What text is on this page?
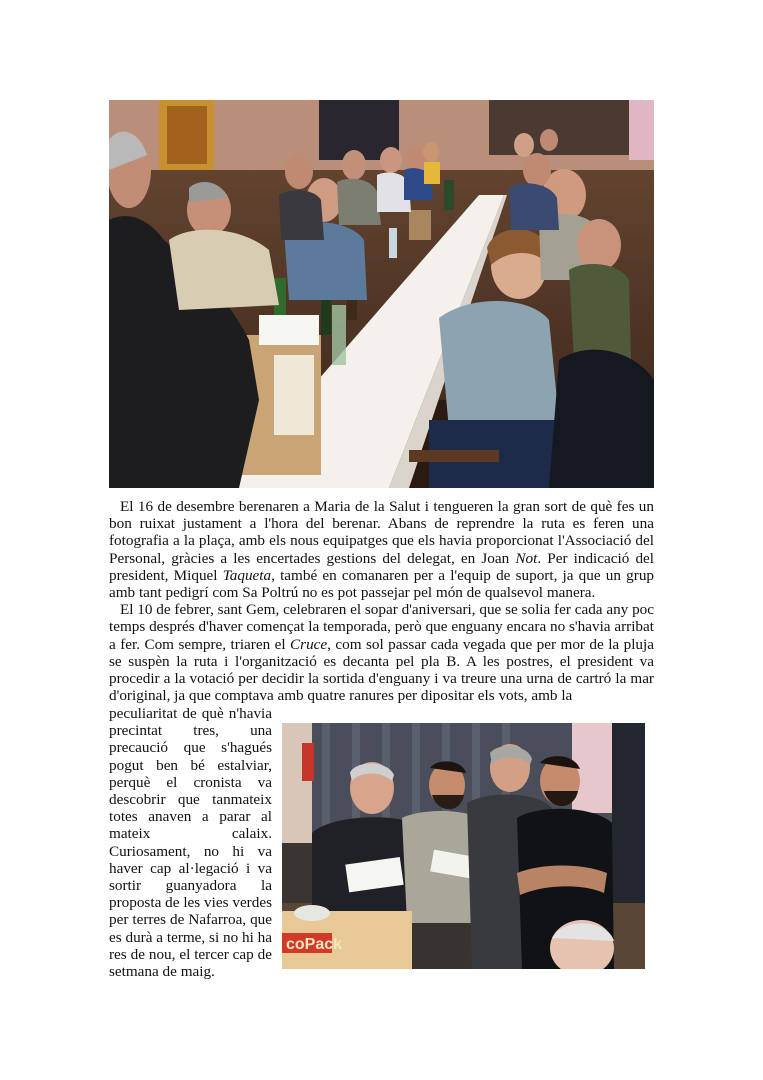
El 16 de desembre berenaren a Maria de la Salut i tengueren la gran sort de què fes un bon ruixat justament a l'hora del berenar. Abans de reprendre la ruta es feren una fotografia a la plaça, amb els nous equipatges que els havia proporcionat l'Associació del Personal, gràcies a les encertades gestions del delegat, en Joan Not. Per indicació del president, Miquel Taqueta, també en comanaren per a l'equip de suport, ja que un grup amb tant pedigrí com Sa Poltrú no es pot passejar pel món de qualsevol manera.

El 10 de febrer, sant Gem, celebraren el sopar d'aniversari, que se solia fer cada any poc temps després d'haver començat la temporada, però que enguany encara no s'havia arribat a fer. Com sempre, triaren el Cruce, com sol passar cada vegada que per mor de la pluja se suspèn la ruta i l'organització es decanta pel pla B. A les postres, el president va procedir a la votació per decidir la sortida d'enguany i va treure una urna de cartró la mar d'original, ja que comptava amb quatre ranures per dipositar els vots, amb la

peculiaritat de què n'havia precintat tres, una precaució que s'hagués pogut ben bé estalviar, perquè el cronista va descobrir que tanmateix totes anaven a parar al mateix calaix. Curiosament, no hi va haver cap al·legació i va sortir guanyadora la proposta de les vies verdes per terres de Nafarroa, que es durà a terme, si no hi ha res de nou, el tercer cap de setmana de maig.

coPack
